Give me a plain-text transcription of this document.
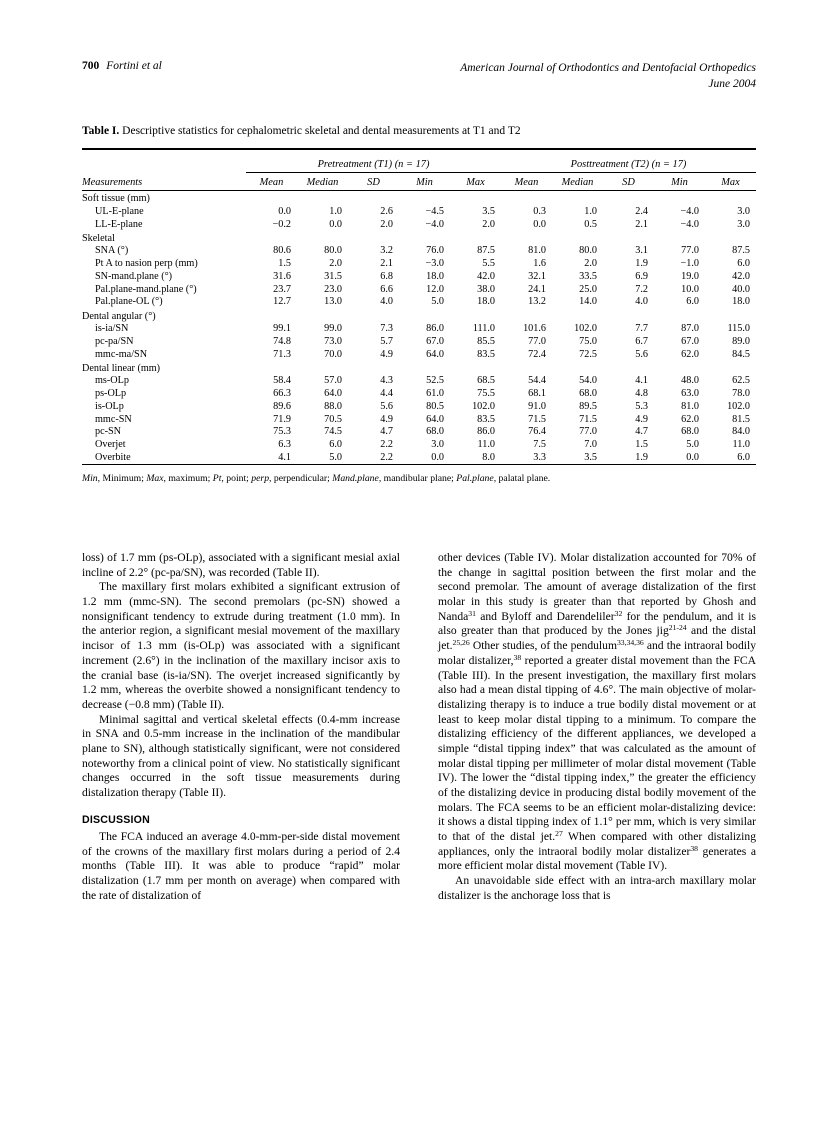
700 Fortini et al	American Journal of Orthodontics and Dentofacial Orthopedics
June 2004
Table I. Descriptive statistics for cephalometric skeletal and dental measurements at T1 and T2

	Pretreatment (T1) (n = 17)					Posttreatment (T2) (n = 17)				
Measurements	Mean	Median	SD	Min	Max	Mean	Median	SD	Min	Max

Soft tissue (mm)										
UL-E-plane	0.0	1.0	2.6	−4.5	3.5	0.3	1.0	2.4	−4.0	3.0
LL-E-plane	−0.2	0.0	2.0	−4.0	2.0	0.0	0.5	2.1	−4.0	3.0
Skeletal										
SNA (°)	80.6	80.0	3.2	76.0	87.5	81.0	80.0	3.1	77.0	87.5
Pt A to nasion perp (mm)	1.5	2.0	2.1	−3.0	5.5	1.6	2.0	1.9	−1.0	6.0
SN-mand.plane (°)	31.6	31.5	6.8	18.0	42.0	32.1	33.5	6.9	19.0	42.0
Pal.plane-mand.plane (°)	23.7	23.0	6.6	12.0	38.0	24.1	25.0	7.2	10.0	40.0
Pal.plane-OL (°)	12.7	13.0	4.0	5.0	18.0	13.2	14.0	4.0	6.0	18.0
Dental angular (°)										
is-ia/SN	99.1	99.0	7.3	86.0	111.0	101.6	102.0	7.7	87.0	115.0
pc-pa/SN	74.8	73.0	5.7	67.0	85.5	77.0	75.0	6.7	67.0	89.0
mmc-ma/SN	71.3	70.0	4.9	64.0	83.5	72.4	72.5	5.6	62.0	84.5
Dental linear (mm)										
ms-OLp	58.4	57.0	4.3	52.5	68.5	54.4	54.0	4.1	48.0	62.5
ps-OLp	66.3	64.0	4.4	61.0	75.5	68.1	68.0	4.8	63.0	78.0
is-OLp	89.6	88.0	5.6	80.5	102.0	91.0	89.5	5.3	81.0	102.0
mmc-SN	71.9	70.5	4.9	64.0	83.5	71.5	71.5	4.9	62.0	81.5
pc-SN	75.3	74.5	4.7	68.0	86.0	76.4	77.0	4.7	68.0	84.0
Overjet	6.3	6.0	2.2	3.0	11.0	7.5	7.0	1.5	5.0	11.0
Overbite	4.1	5.0	2.2	0.0	8.0	3.3	3.5	1.9	0.0	6.0

Min, Minimum; Max, maximum; Pt, point; perp, perpendicular; Mand.plane, mandibular plane; Pal.plane, palatal plane.

loss) of 1.7 mm (ps-OLp), associated with a significant mesial axial incline of 2.2° (pc-pa/SN), was recorded (Table II).

The maxillary first molars exhibited a significant extrusion of 1.2 mm (mmc-SN). The second premolars (pc-SN) showed a nonsignificant tendency to extrude during treatment (1.0 mm). In the anterior region, a significant mesial movement of the maxillary incisor of 1.3 mm (is-OLp) was associated with a significant increment (2.6°) in the inclination of the maxillary incisor axis to the cranial base (is-ia/SN). The overjet increased significantly by 1.2 mm, whereas the overbite showed a nonsignificant tendency to decrease (−0.8 mm) (Table II).

Minimal sagittal and vertical skeletal effects (0.4-mm increase in SNA and 0.5-mm increase in the inclination of the mandibular plane to SN), although statistically significant, were not considered noteworthy from a clinical point of view. No statistically significant changes occurred in the soft tissue measurements during distalization therapy (Table II).

DISCUSSION

The FCA induced an average 4.0-mm-per-side distal movement of the crowns of the maxillary first molars during a period of 2.4 months (Table III). It was able to produce “rapid” molar distalization (1.7 mm per month on average) when compared with the rate of distalization of

other devices (Table IV). Molar distalization accounted for 70% of the change in sagittal position between the first molar and the second premolar. The amount of average distalization of the first molar in this study is greater than that reported by Ghosh and Nanda$^{31}$ and Byloff and Darendeliler$^{32}$ for the pendulum, and it is also greater than that produced by the Jones jig$^{21-24}$ and the distal jet.$^{25,26}$ Other studies, of the pendulum$^{33,34,36}$ and the intraoral bodily molar distalizer,$^{38}$ reported a greater distal movement than the FCA (Table III). In the present investigation, the maxillary first molars also had a mean distal tipping of 4.6°. The main objective of molar-distalizing therapy is to induce a true bodily distal movement or at least to keep molar distal tipping to a minimum. To compare the distalizing efficiency of the different appliances, we developed a simple “distal tipping index” that was calculated as the amount of molar distal tipping per millimeter of molar distal movement (Table IV). The lower the “distal tipping index,” the greater the efficiency of the distalizing device in producing distal bodily movement of the molars. The FCA seems to be an efficient molar-distalizing device: it shows a distal tipping index of 1.1° per mm, which is very similar to that of the distal jet.$^{27}$ When compared with other distalizing appliances, only the intraoral bodily molar distalizer$^{38}$ generates a more efficient molar distal movement (Table IV).

An unavoidable side effect with an intra-arch maxillary molar distalizer is the anchorage loss that is
